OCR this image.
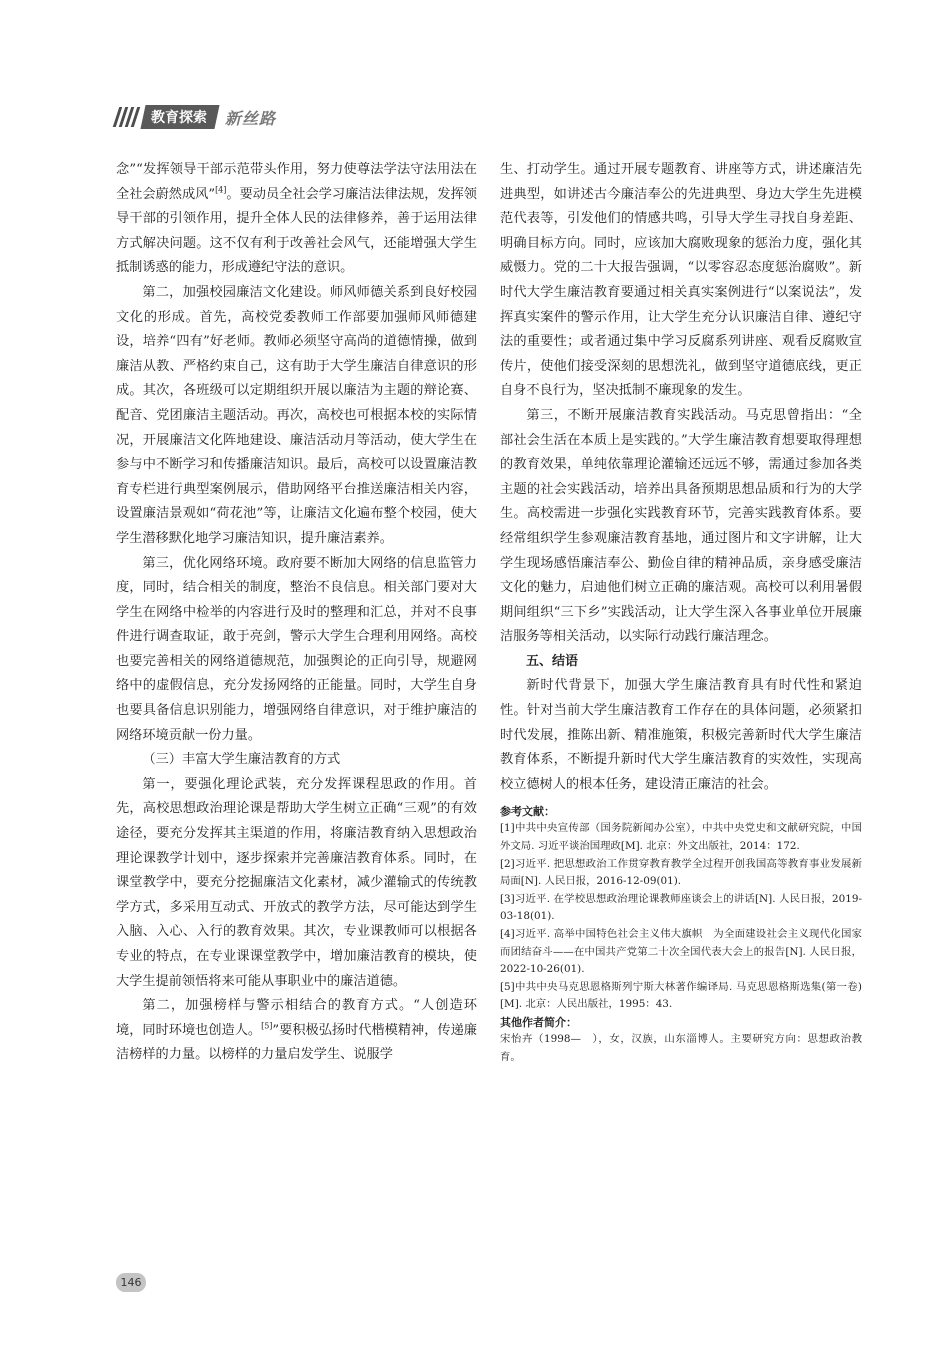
教育探索	新丝路

念”“发挥领导干部示范带头作用，努力使尊法学法守法用法在全社会蔚然成风”[4]。要动员全社会学习廉洁法律法规，发挥领导干部的引领作用，提升全体人民的法律修养，善于运用法律方式解决问题。这不仅有利于改善社会风气，还能增强大学生抵制诱惑的能力，形成遵纪守法的意识。

第二，加强校园廉洁文化建设。师风师德关系到良好校园文化的形成。首先，高校党委教师工作部要加强师风师德建设，培养“四有”好老师。教师必须坚守高尚的道德情操，做到廉洁从教、严格约束自己，这有助于大学生廉洁自律意识的形成。其次，各班级可以定期组织开展以廉洁为主题的辩论赛、配音、党团廉洁主题活动。再次，高校也可根据本校的实际情况，开展廉洁文化阵地建设、廉洁活动月等活动，使大学生在参与中不断学习和传播廉洁知识。最后，高校可以设置廉洁教育专栏进行典型案例展示，借助网络平台推送廉洁相关内容，设置廉洁景观如“荷花池”等，让廉洁文化遍布整个校园，使大学生潜移默化地学习廉洁知识，提升廉洁素养。

第三，优化网络环境。政府要不断加大网络的信息监管力度，同时，结合相关的制度，整治不良信息。相关部门要对大学生在网络中检举的内容进行及时的整理和汇总，并对不良事件进行调查取证，敢于亮剑，警示大学生合理利用网络。高校也要完善相关的网络道德规范，加强舆论的正向引导，规避网络中的虚假信息，充分发扬网络的正能量。同时，大学生自身也要具备信息识别能力，增强网络自律意识，对于维护廉洁的网络环境贡献一份力量。

（三）丰富大学生廉洁教育的方式

第一，要强化理论武装，充分发挥课程思政的作用。首先，高校思想政治理论课是帮助大学生树立正确“三观”的有效途径，要充分发挥其主渠道的作用，将廉洁教育纳入思想政治理论课教学计划中，逐步探索并完善廉洁教育体系。同时，在课堂教学中，要充分挖掘廉洁文化素材，减少灌输式的传统教学方式，多采用互动式、开放式的教学方法，尽可能达到学生入脑、入心、入行的教育效果。其次，专业课教师可以根据各专业的特点，在专业课课堂教学中，增加廉洁教育的模块，使大学生提前领悟将来可能从事职业中的廉洁道德。

第二，加强榜样与警示相结合的教育方式。“人创造环境，同时环境也创造人。[5]”要积极弘扬时代楷模精神，传递廉洁榜样的力量。以榜样的力量启发学生、说服学

生、打动学生。通过开展专题教育、讲座等方式，讲述廉洁先进典型，如讲述古今廉洁奉公的先进典型、身边大学生先进模范代表等，引发他们的情感共鸣，引导大学生寻找自身差距、明确目标方向。同时，应该加大腐败现象的惩治力度，强化其威慑力。党的二十大报告强调，“以零容忍态度惩治腐败”。新时代大学生廉洁教育要通过相关真实案例进行“以案说法”，发挥真实案件的警示作用，让大学生充分认识廉洁自律、遵纪守法的重要性；或者通过集中学习反腐系列讲座、观看反腐败宣传片，使他们接受深刻的思想洗礼，做到坚守道德底线，更正自身不良行为，坚决抵制不廉现象的发生。

第三，不断开展廉洁教育实践活动。马克思曾指出：“全部社会生活在本质上是实践的。”大学生廉洁教育想要取得理想的教育效果，单纯依靠理论灌输还远远不够，需通过参加各类主题的社会实践活动，培养出具备预期思想品质和行为的大学生。高校需进一步强化实践教育环节，完善实践教育体系。要经常组织学生参观廉洁教育基地，通过图片和文字讲解，让大学生现场感悟廉洁奉公、勤俭自律的精神品质，亲身感受廉洁文化的魅力，启迪他们树立正确的廉洁观。高校可以利用暑假期间组织“三下乡”实践活动，让大学生深入各事业单位开展廉洁服务等相关活动，以实际行动践行廉洁理念。

五、结语

新时代背景下，加强大学生廉洁教育具有时代性和紧迫性。针对当前大学生廉洁教育工作存在的具体问题，必须紧扣时代发展，推陈出新、精准施策，积极完善新时代大学生廉洁教育体系，不断提升新时代大学生廉洁教育的实效性，实现高校立德树人的根本任务，建设清正廉洁的社会。

参考文献：

[1]中共中央宣传部（国务院新闻办公室），中共中央党史和文献研究院，中国外文局. 习近平谈治国理政[M]. 北京：外文出版社，2014：172.

[2]习近平. 把思想政治工作贯穿教育教学全过程开创我国高等教育事业发展新局面[N]. 人民日报，2016-12-09(01).

[3]习近平. 在学校思想政治理论课教师座谈会上的讲话[N]. 人民日报，2019-03-18(01).

[4]习近平. 高举中国特色社会主义伟大旗帜　为全面建设社会主义现代化国家而团结奋斗——在中国共产党第二十次全国代表大会上的报告[N]. 人民日报，2022-10-26(01).

[5]中共中央马克思恩格斯列宁斯大林著作编译局. 马克思恩格斯选集(第一卷)[M]. 北京：人民出版社，1995：43.

其他作者简介：

宋怡卉（1998—　），女，汉族，山东淄博人。主要研究方向：思想政治教育。

146
